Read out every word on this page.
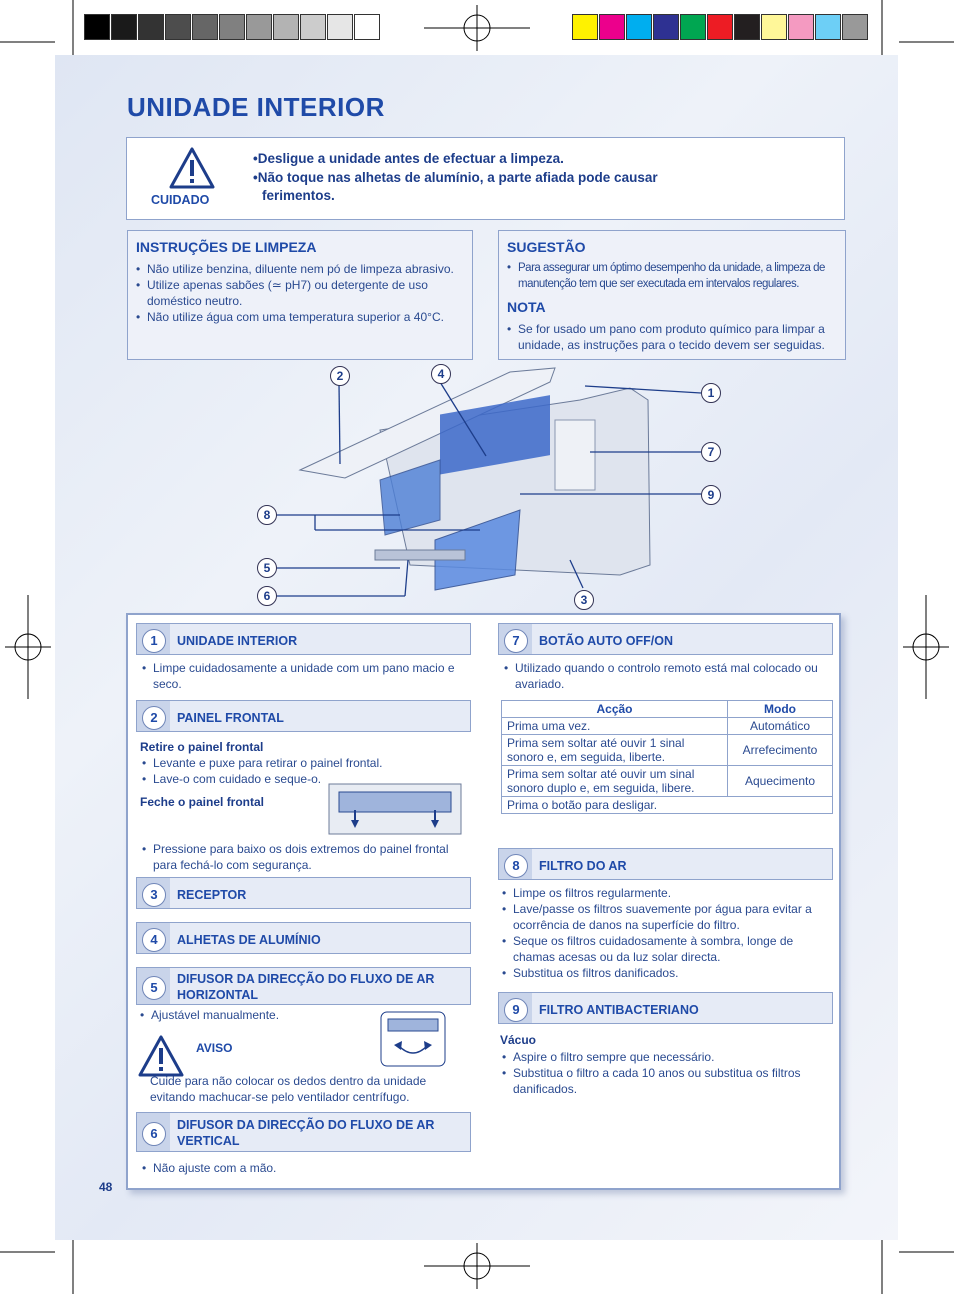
UNIDADE INTERIOR
CUIDADO
•Desligue a unidade antes de efectuar a limpeza.
•Não toque nas alhetas de alumínio, a parte afiada pode causar
ferimentos.
INSTRUÇÕES DE LIMPEZA
• Não utilize benzina, diluente nem pó de limpeza abrasivo.
• Utilize apenas sabões (≃ pH7) ou detergente de uso doméstico neutro.
• Não utilize água com uma temperatura superior a 40°C.
SUGESTÃO
• Para assegurar um óptimo desempenho da unidade, a limpeza de manutenção tem que ser executada em intervalos regulares.
NOTA
• Se for usado um pano com produto químico para limpar a unidade, as instruções para o tecido devem ser seguidas.
2	4
1
7
9
8
5
6	3
1	UNIDADE INTERIOR
• Limpe cuidadosamente a unidade com um pano macio e seco.
2	PAINEL FRONTAL
Retire o painel frontal
• Levante e puxe para retirar o painel frontal.
• Lave-o com cuidado e seque-o.
Feche o painel frontal
• Pressione para baixo os dois extremos do painel frontal para fechá-lo com segurança.
3	RECEPTOR
4	ALHETAS DE ALUMÍNIO
5
DIFUSOR DA DIRECÇÃO DO FLUXO DE AR HORIZONTAL
• Ajustável manualmente.
AVISO
Cuide para não colocar os dedos dentro da unidade evitando machucar-se pelo ventilador centrífugo.
6
DIFUSOR DA DIRECÇÃO DO FLUXO DE AR VERTICAL
• Não ajuste com a mão.
7	BOTÃO AUTO OFF/ON
• Utilizado quando o controlo remoto está mal colocado ou avariado.
Acção	Modo
Prima uma vez.	Automático
Prima sem soltar até ouvir 1 sinal sonoro e, em seguida, liberte.	Arrefecimento
Prima sem soltar até ouvir um sinal sonoro duplo e, em seguida, libere.	Aquecimento
Prima o botão para desligar.	
8	FILTRO DO AR
• Limpe os filtros regularmente.
• Lave/passe os filtros suavemente por água para evitar a ocorrência de danos na superfície do filtro.
• Seque os filtros cuidadosamente à sombra, longe de chamas acesas ou da luz solar directa.
• Substitua os filtros danificados.
9	FILTRO ANTIBACTERIANO
Vácuo
• Aspire o filtro sempre que necessário.
• Substitua o filtro a cada 10 anos ou substitua os filtros danificados.
48
